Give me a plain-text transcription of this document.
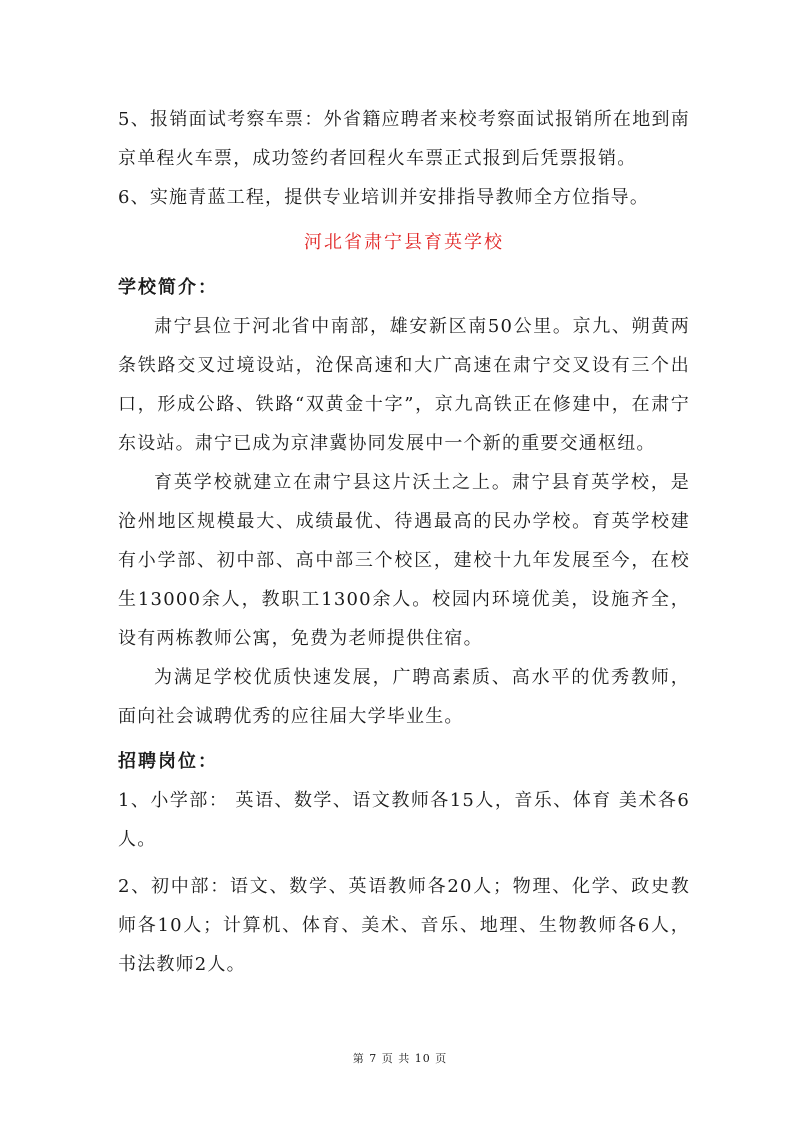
5、报销面试考察车票：外省籍应聘者来校考察面试报销所在地到南京单程火车票，成功签约者回程火车票正式报到后凭票报销。

6、实施青蓝工程，提供专业培训并安排指导教师全方位指导。

河北省肃宁县育英学校

学校简介：

肃宁县位于河北省中南部，雄安新区南50公里。京九、朔黄两条铁路交叉过境设站，沧保高速和大广高速在肃宁交叉设有三个出口，形成公路、铁路“双黄金十字”，京九高铁正在修建中，在肃宁东设站。肃宁已成为京津冀协同发展中一个新的重要交通枢纽。

育英学校就建立在肃宁县这片沃土之上。肃宁县育英学校，是沧州地区规模最大、成绩最优、待遇最高的民办学校。育英学校建有小学部、初中部、高中部三个校区，建校十九年发展至今，在校生13000余人，教职工1300余人。校园内环境优美，设施齐全，设有两栋教师公寓，免费为老师提供住宿。

为满足学校优质快速发展，广聘高素质、高水平的优秀教师，面向社会诚聘优秀的应往届大学毕业生。

招聘岗位：

1、小学部： 英语、数学、语文教师各15人，音乐、体育 美术各6人。

2、初中部：语文、数学、英语教师各20人；物理、化学、政史教师各10人；计算机、体育、美术、音乐、地理、生物教师各6人，书法教师2人。

第 7 页 共 10 页
